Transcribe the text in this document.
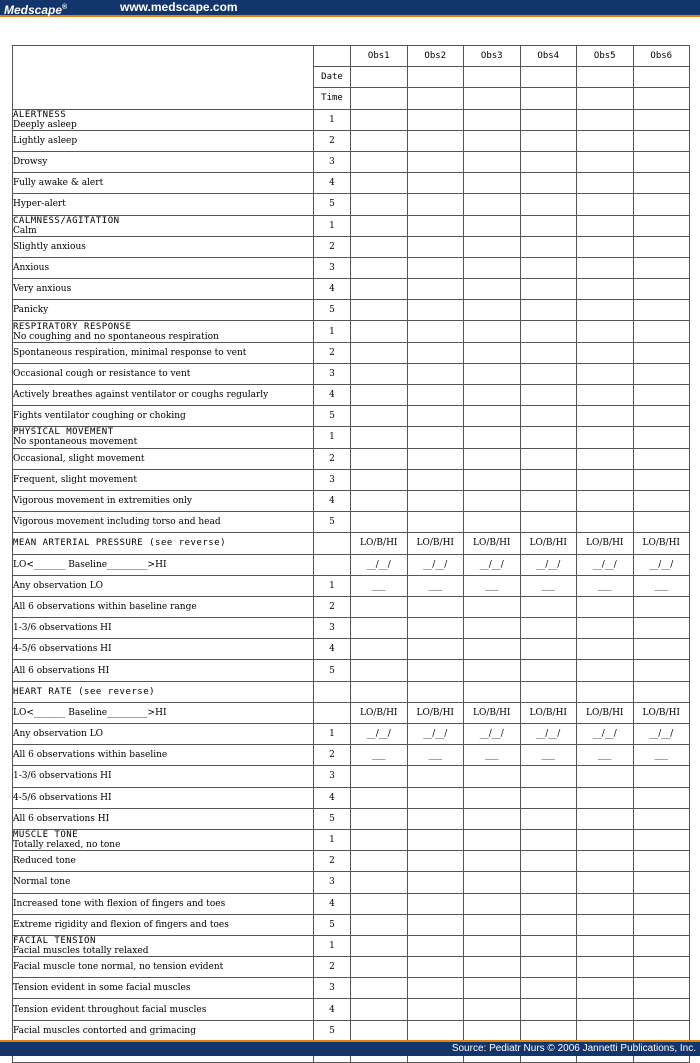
Medscape®	www.medscape.com
		Obs1	Obs2	Obs3	Obs4	Obs5	Obs6
	Date						
	Time						

ALERTNESS
Deeply asleep	1						

Lightly asleep	2						

Drowsy	3						

Fully awake & alert	4						

Hyper-alert	5						

CALMNESS/AGITATION
Calm	1						

Slightly anxious	2						

Anxious	3						

Very anxious	4						

Panicky	5						

RESPIRATORY RESPONSE
No coughing and no spontaneous respiration	1						

Spontaneous respiration, minimal response to vent	2						

Occasional cough or resistance to vent	3						

Actively breathes against ventilator or coughs regularly	4						

Fights ventilator coughing or choking	5						

PHYSICAL MOVEMENT
No spontaneous movement	1						

Occasional, slight movement	2						

Frequent, slight movement	3						

Vigorous movement in extremities only	4						

Vigorous movement including torso and head	5						

MEAN ARTERIAL PRESSURE (see reverse)		LO/B/HI	LO/B/HI	LO/B/HI	LO/B/HI	LO/B/HI	LO/B/HI

LO<_______ Baseline_________>HI		__/__/	__/__/	__/__/	__/__/	__/__/	__/__/

Any observation LO	1	___	___	___	___	___	___

All 6 observations within baseline range	2						

1-3/6 observations HI	3						

4-5/6 observations HI	4						

All 6 observations HI	5						

HEART RATE (see reverse)							

LO<_______ Baseline_________>HI		LO/B/HI	LO/B/HI	LO/B/HI	LO/B/HI	LO/B/HI	LO/B/HI

Any observation LO	1	__/__/	__/__/	__/__/	__/__/	__/__/	__/__/

All 6 observations within baseline	2	___	___	___	___	___	___

1-3/6 observations HI	3						

4-5/6 observations HI	4						

All 6 observations HI	5						

MUSCLE TONE
Totally relaxed, no tone	1						

Reduced tone	2						

Normal tone	3						

Increased tone with flexion of fingers and toes	4						

Extreme rigidity and flexion of fingers and toes	5						

FACIAL TENSION
Facial muscles totally relaxed	1						

Facial muscle tone normal, no tension evident	2						

Tension evident in some facial muscles	3						

Tension evident throughout facial muscles	4						

Facial muscles contorted and grimacing	5						

Source: Pediatr Nurs © 2006 Jannetti Publications, Inc.
